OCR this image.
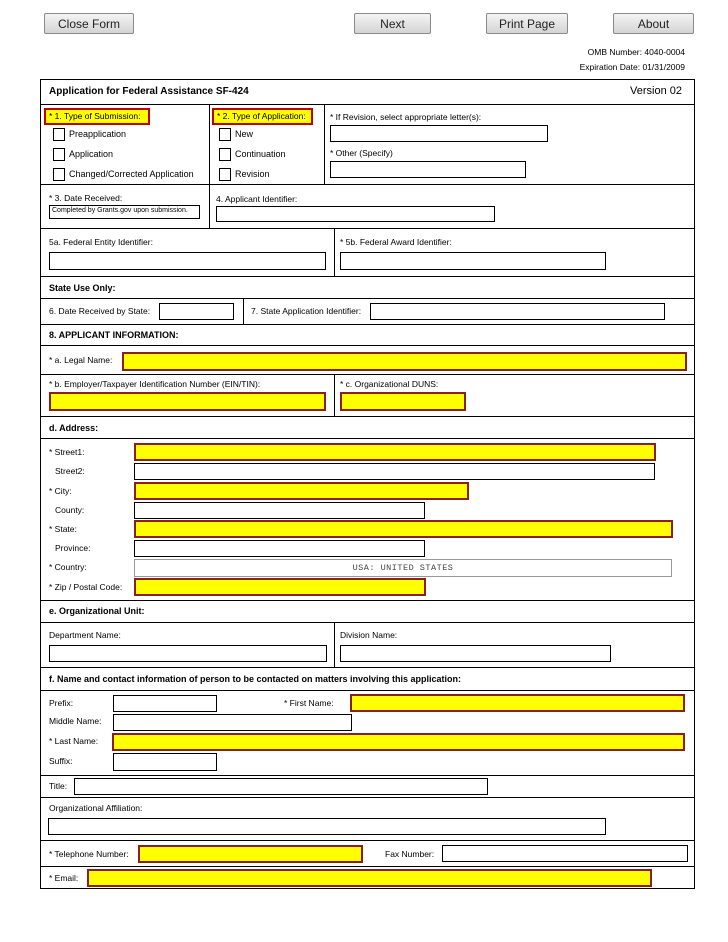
Close Form	Next	Print Page	About
OMB Number: 4040-0004
Expiration Date: 01/31/2009
Application for Federal Assistance SF-424	Version 02
* 1. Type of Submission:	* 2. Type of Application:	* If Revision, select appropriate letter(s):
Preapplication
Application
Changed/Corrected Application
New
Continuation
Revision
* Other (Specify)
* 3. Date Received:
Completed by Grants.gov upon submission.
4. Applicant Identifier:
5a. Federal Entity Identifier:	* 5b. Federal Award Identifier:
State Use Only:
6. Date Received by State:	7. State Application Identifier:
8. APPLICANT INFORMATION:
* a. Legal Name:
* b. Employer/Taxpayer Identification Number (EIN/TIN):	* c. Organizational DUNS:
d. Address:
* Street1:
Street2:
* City:
County:
* State:
Province:
* Country:	USA: UNITED STATES
* Zip / Postal Code:
e. Organizational Unit:
Department Name:	Division Name:
f. Name and contact information of person to be contacted on matters involving this application:
Prefix:	* First Name:
Middle Name:
* Last Name:
Suffix:
Title:
Organizational Affiliation:
* Telephone Number:	Fax Number:
* Email:
